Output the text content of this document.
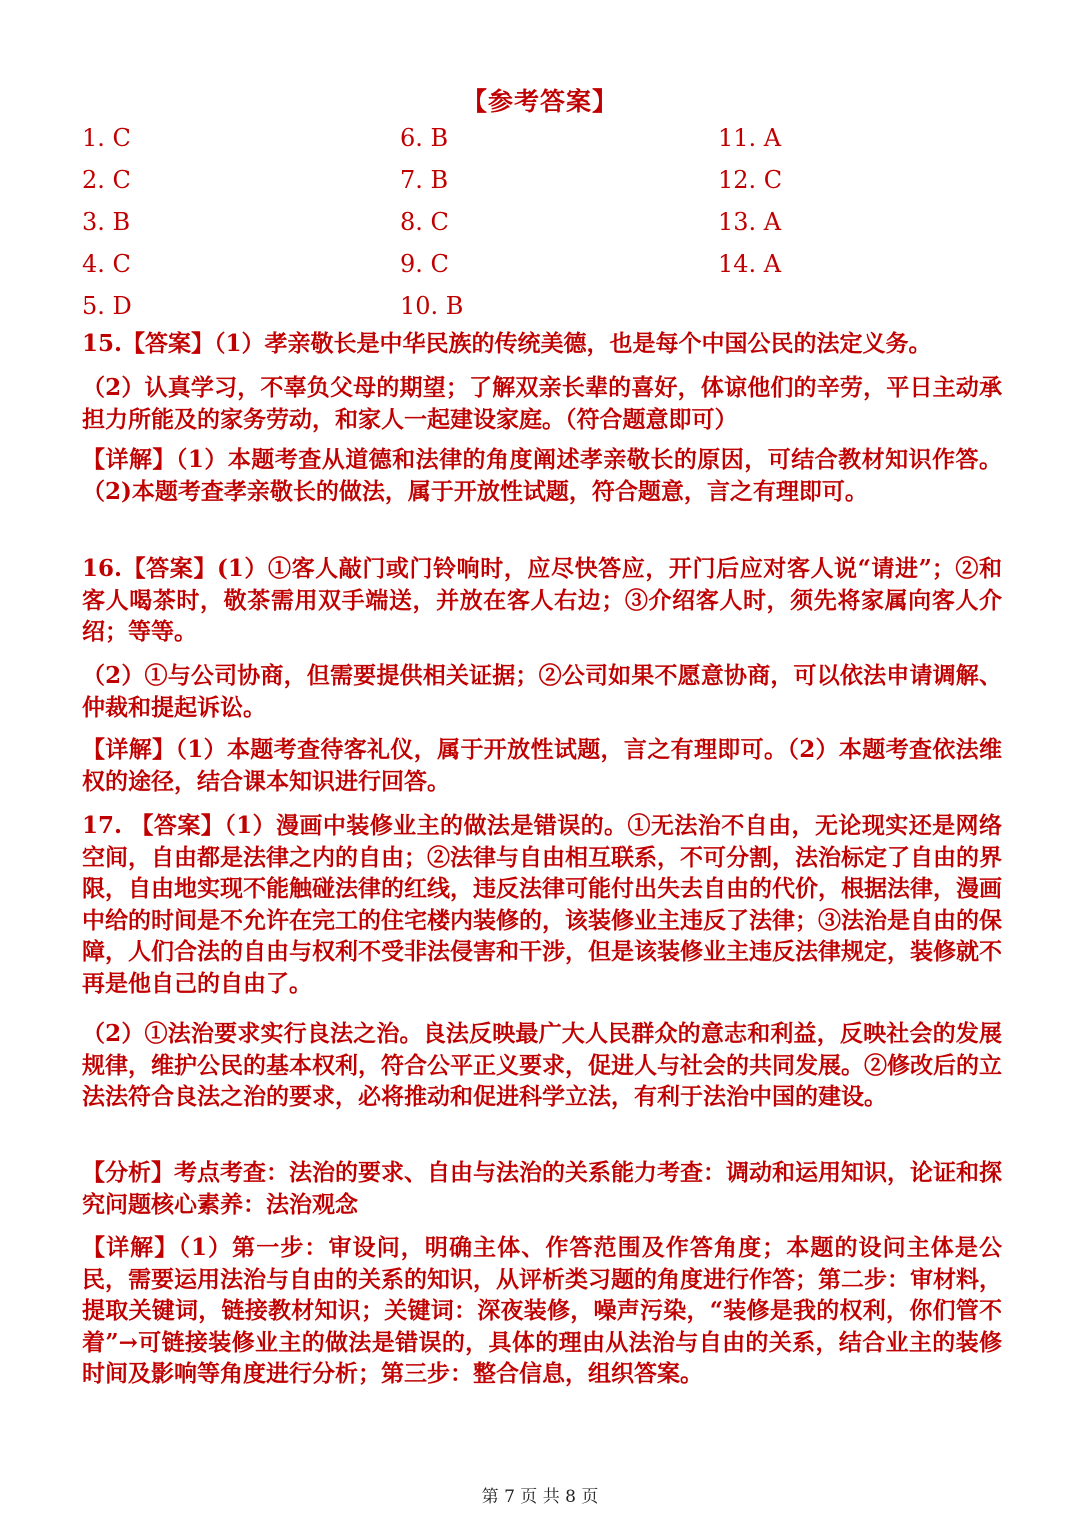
【参考答案】
1. C	6. B	11. A
2. C	7. B	12. C
3. B	8. C	13. A
4. C	9. C	14. A
5. D	10. B
15.【答案】（1）孝亲敬长是中华民族的传统美德，也是每个中国公民的法定义务。
（2）认真学习，不辜负父母的期望；了解双亲长辈的喜好，体谅他们的辛劳，平日主动承担力所能及的家务劳动，和家人一起建设家庭。（符合题意即可）
【详解】（1）本题考查从道德和法律的角度阐述孝亲敬长的原因，可结合教材知识作答。（2)本题考查孝亲敬长的做法，属于开放性试题，符合题意，言之有理即可。
16.【答案】(1）①客人敲门或门铃响时，应尽快答应，开门后应对客人说“请进”；②和客人喝茶时，敬茶需用双手端送，并放在客人右边；③介绍客人时，须先将家属向客人介绍；等等。
（2）①与公司协商，但需要提供相关证据；②公司如果不愿意协商，可以依法申请调解、仲裁和提起诉讼。
【详解】（1）本题考查待客礼仪，属于开放性试题，言之有理即可。（2）本题考查依法维权的途径，结合课本知识进行回答。
17. 【答案】（1）漫画中装修业主的做法是错误的。①无法治不自由，无论现实还是网络空间，自由都是法律之内的自由；②法律与自由相互联系，不可分割，法治标定了自由的界限，自由地实现不能触碰法律的红线，违反法律可能付出失去自由的代价，根据法律，漫画中给的时间是不允许在完工的住宅楼内装修的，该装修业主违反了法律；③法治是自由的保障，人们合法的自由与权利不受非法侵害和干涉，但是该装修业主违反法律规定，装修就不再是他自己的自由了。
（2）①法治要求实行良法之治。良法反映最广大人民群众的意志和利益，反映社会的发展规律，维护公民的基本权利，符合公平正义要求，促进人与社会的共同发展。②修改后的立法法符合良法之治的要求，必将推动和促进科学立法，有利于法治中国的建设。
【分析】考点考查：法治的要求、自由与法治的关系能力考查：调动和运用知识，论证和探究问题核心素养：法治观念
【详解】（1）第一步：审设问，明确主体、作答范围及作答角度；本题的设问主体是公民，需要运用法治与自由的关系的知识，从评析类习题的角度进行作答；第二步：审材料，提取关键词，链接教材知识；关键词：深夜装修，噪声污染，“装修是我的权利，你们管不着”→可链接装修业主的做法是错误的，具体的理由从法治与自由的关系，结合业主的装修时间及影响等角度进行分析；第三步：整合信息，组织答案。
第 7 页 共 8 页
